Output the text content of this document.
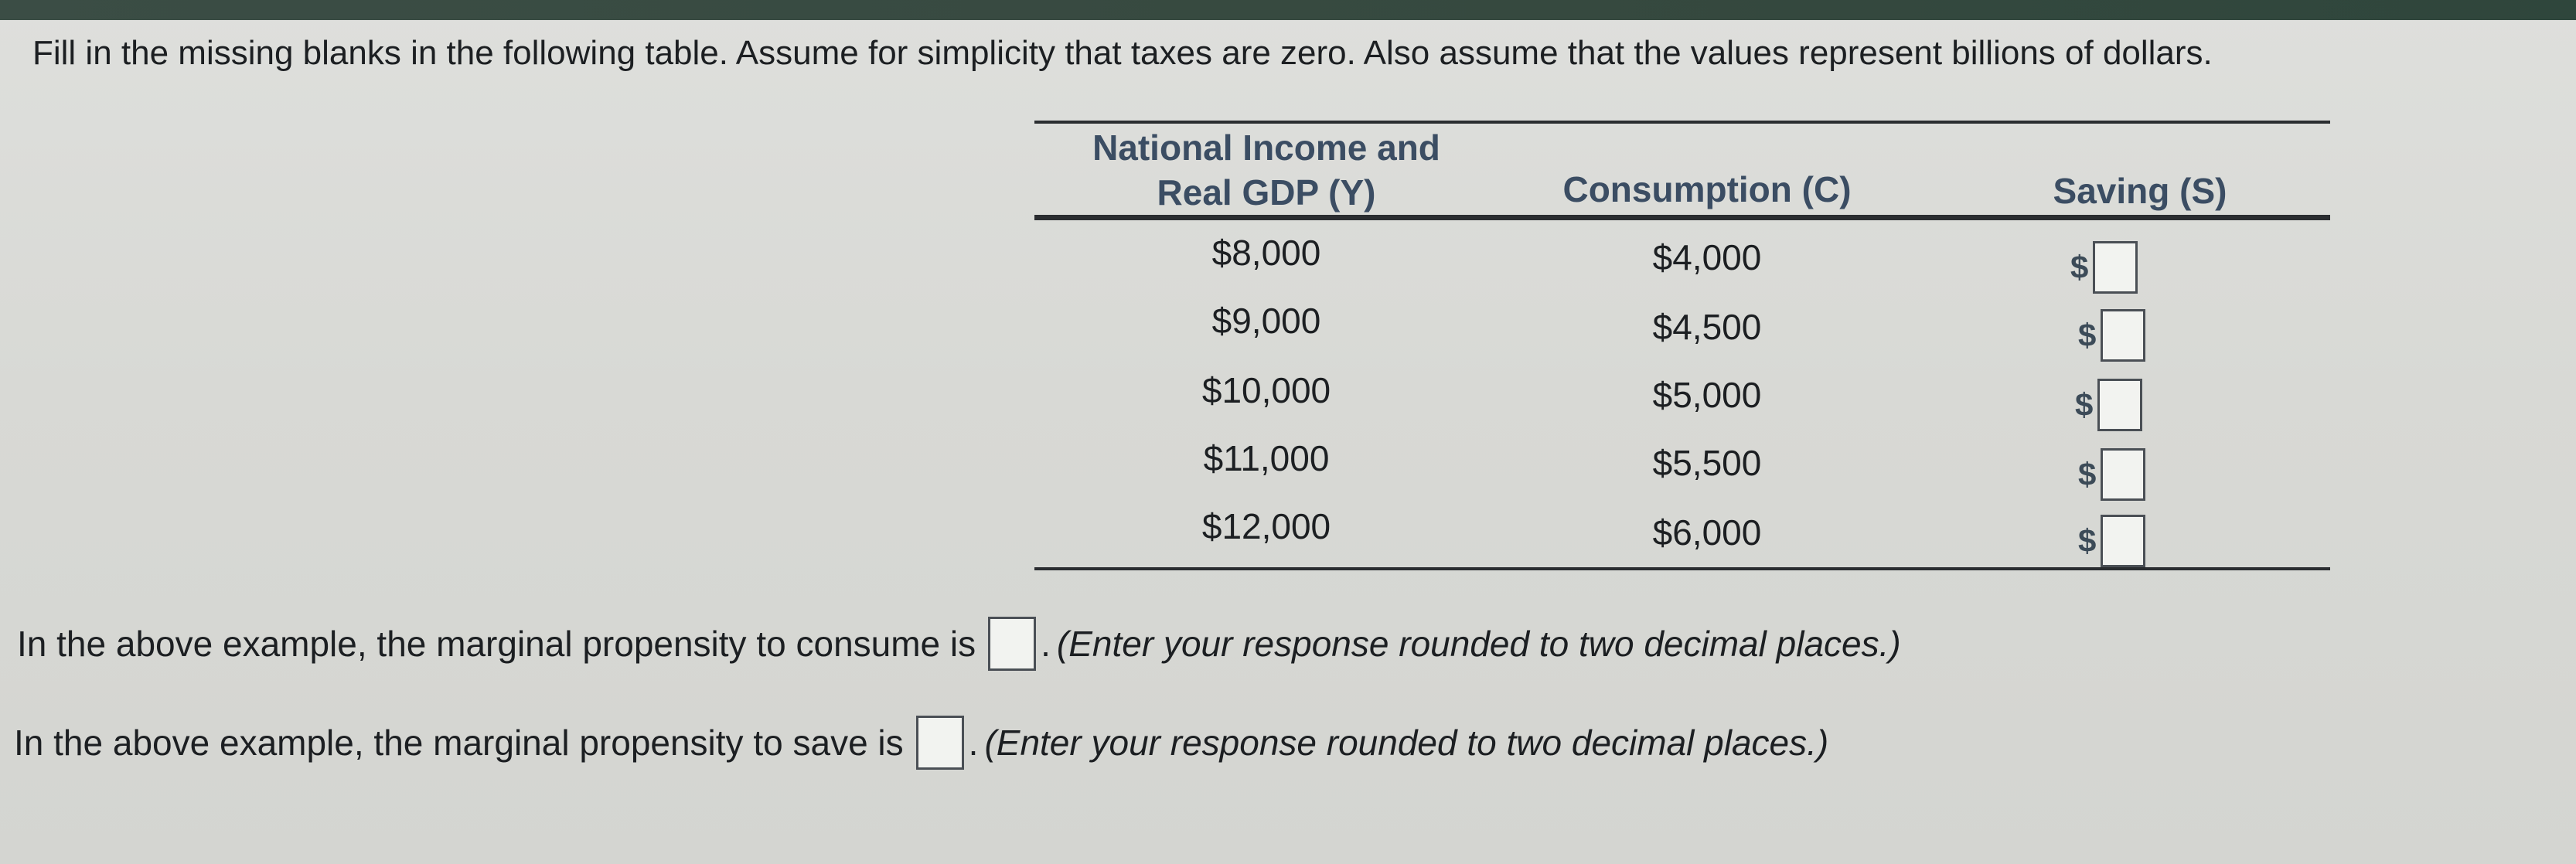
Fill in the missing blanks in the following table. Assume for simplicity that taxes are zero. Also assume that the values represent billions of dollars.
National Income and
Real GDP (Y)	Consumption (C)	Saving (S)
$8,000	$4,000	$
$9,000	$4,500	$
$10,000	$5,000	$
$11,000	$5,500	$
$12,000	$6,000	$
In the above example, the marginal propensity to consume is . (Enter your response rounded to two decimal places.)
In the above example, the marginal propensity to save is . (Enter your response rounded to two decimal places.)
